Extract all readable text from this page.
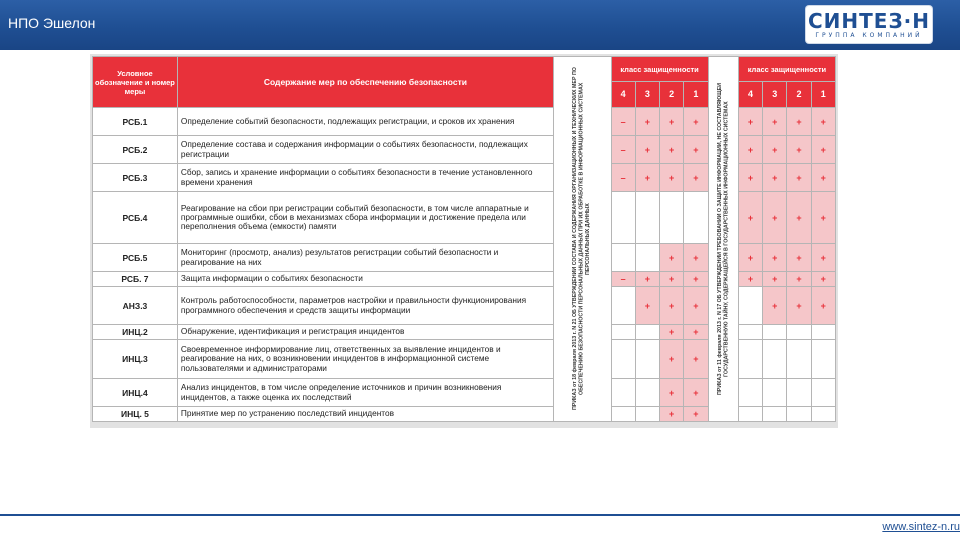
НПО Эшелон	СИНТЕЗ·Н
ГРУППА КОМПАНИЙ
Условное обозначение и номер меры	Содержание мер по обеспечению безопасности	ПРИКАЗ от 18 февраля 2013 г. N 21 ОБ УТВЕРЖДЕНИИ СОСТАВА И СОДЕРЖАНИЯ ОРГАНИЗАЦИОННЫХ И ТЕХНИЧЕСКИХ МЕР ПО ОБЕСПЕЧЕНИЮ БЕЗОПАСНОСТИ ПЕРСОНАЛЬНЫХ ДАННЫХ ПРИ ИХ ОБРАБОТКЕ В ИНФОРМАЦИОННЫХ СИСТЕМАХ ПЕРСОНАЛЬНЫХ ДАННЫХ	класс защищенности				ПРИКАЗ от 11 февраля 2013 г. N 17 ОБ УТВЕРЖДЕНИИ ТРЕБОВАНИЙ О ЗАЩИТЕ ИНФОРМАЦИИ, НЕ СОСТАВЛЯЮЩЕЙ ГОСУДАРСТВЕННУЮ ТАЙНУ, СОДЕРЖАЩЕЙСЯ В ГОСУДАРСТВЕННЫХ ИНФОРМАЦИОННЫХ СИСТЕМАХ	класс защищенности			
			4	3	2	1		4	3	2	1
РСБ.1	Определение событий безопасности, подлежащих регистрации, и сроков их хранения		–	+	+	+		+	+	+	+
РСБ.2	Определение состава и содержания информации о событиях безопасности, подлежащих регистрации		–	+	+	+		+	+	+	+
РСБ.3	Сбор, запись и хранение информации о событиях безопасности в течение установленного времени хранения		–	+	+	+		+	+	+	+
РСБ.4	Реагирование на сбои при регистрации событий безопасности, в том числе аппаратные и программные ошибки, сбои в механизмах сбора информации и достижение предела или переполнения объема (емкости) памяти							+	+	+	+
РСБ.5	Мониторинг (просмотр, анализ) результатов регистрации событий безопасности и реагирование на них				+	+		+	+	+	+
РСБ. 7	Защита информации о событиях безопасности		–	+	+	+		+	+	+	+
АНЗ.3	Контроль работоспособности, параметров настройки и правильности функционирования программного обеспечения и средств защиты информации			+	+	+			+	+	+
ИНЦ.2	Обнаружение, идентификация и регистрация инцидентов				+	+					
ИНЦ.3	Своевременное информирование лиц, ответственных за выявление инцидентов и реагирование на них, о возникновении инцидентов в информационной системе пользователями и администраторами				+	+					
ИНЦ.4	Анализ инцидентов, в том числе определение источников и причин возникновения инцидентов, а также оценка их последствий				+	+					
ИНЦ. 5	Принятие мер по устранению последствий инцидентов				+	+					
www.sintez-n.ru
